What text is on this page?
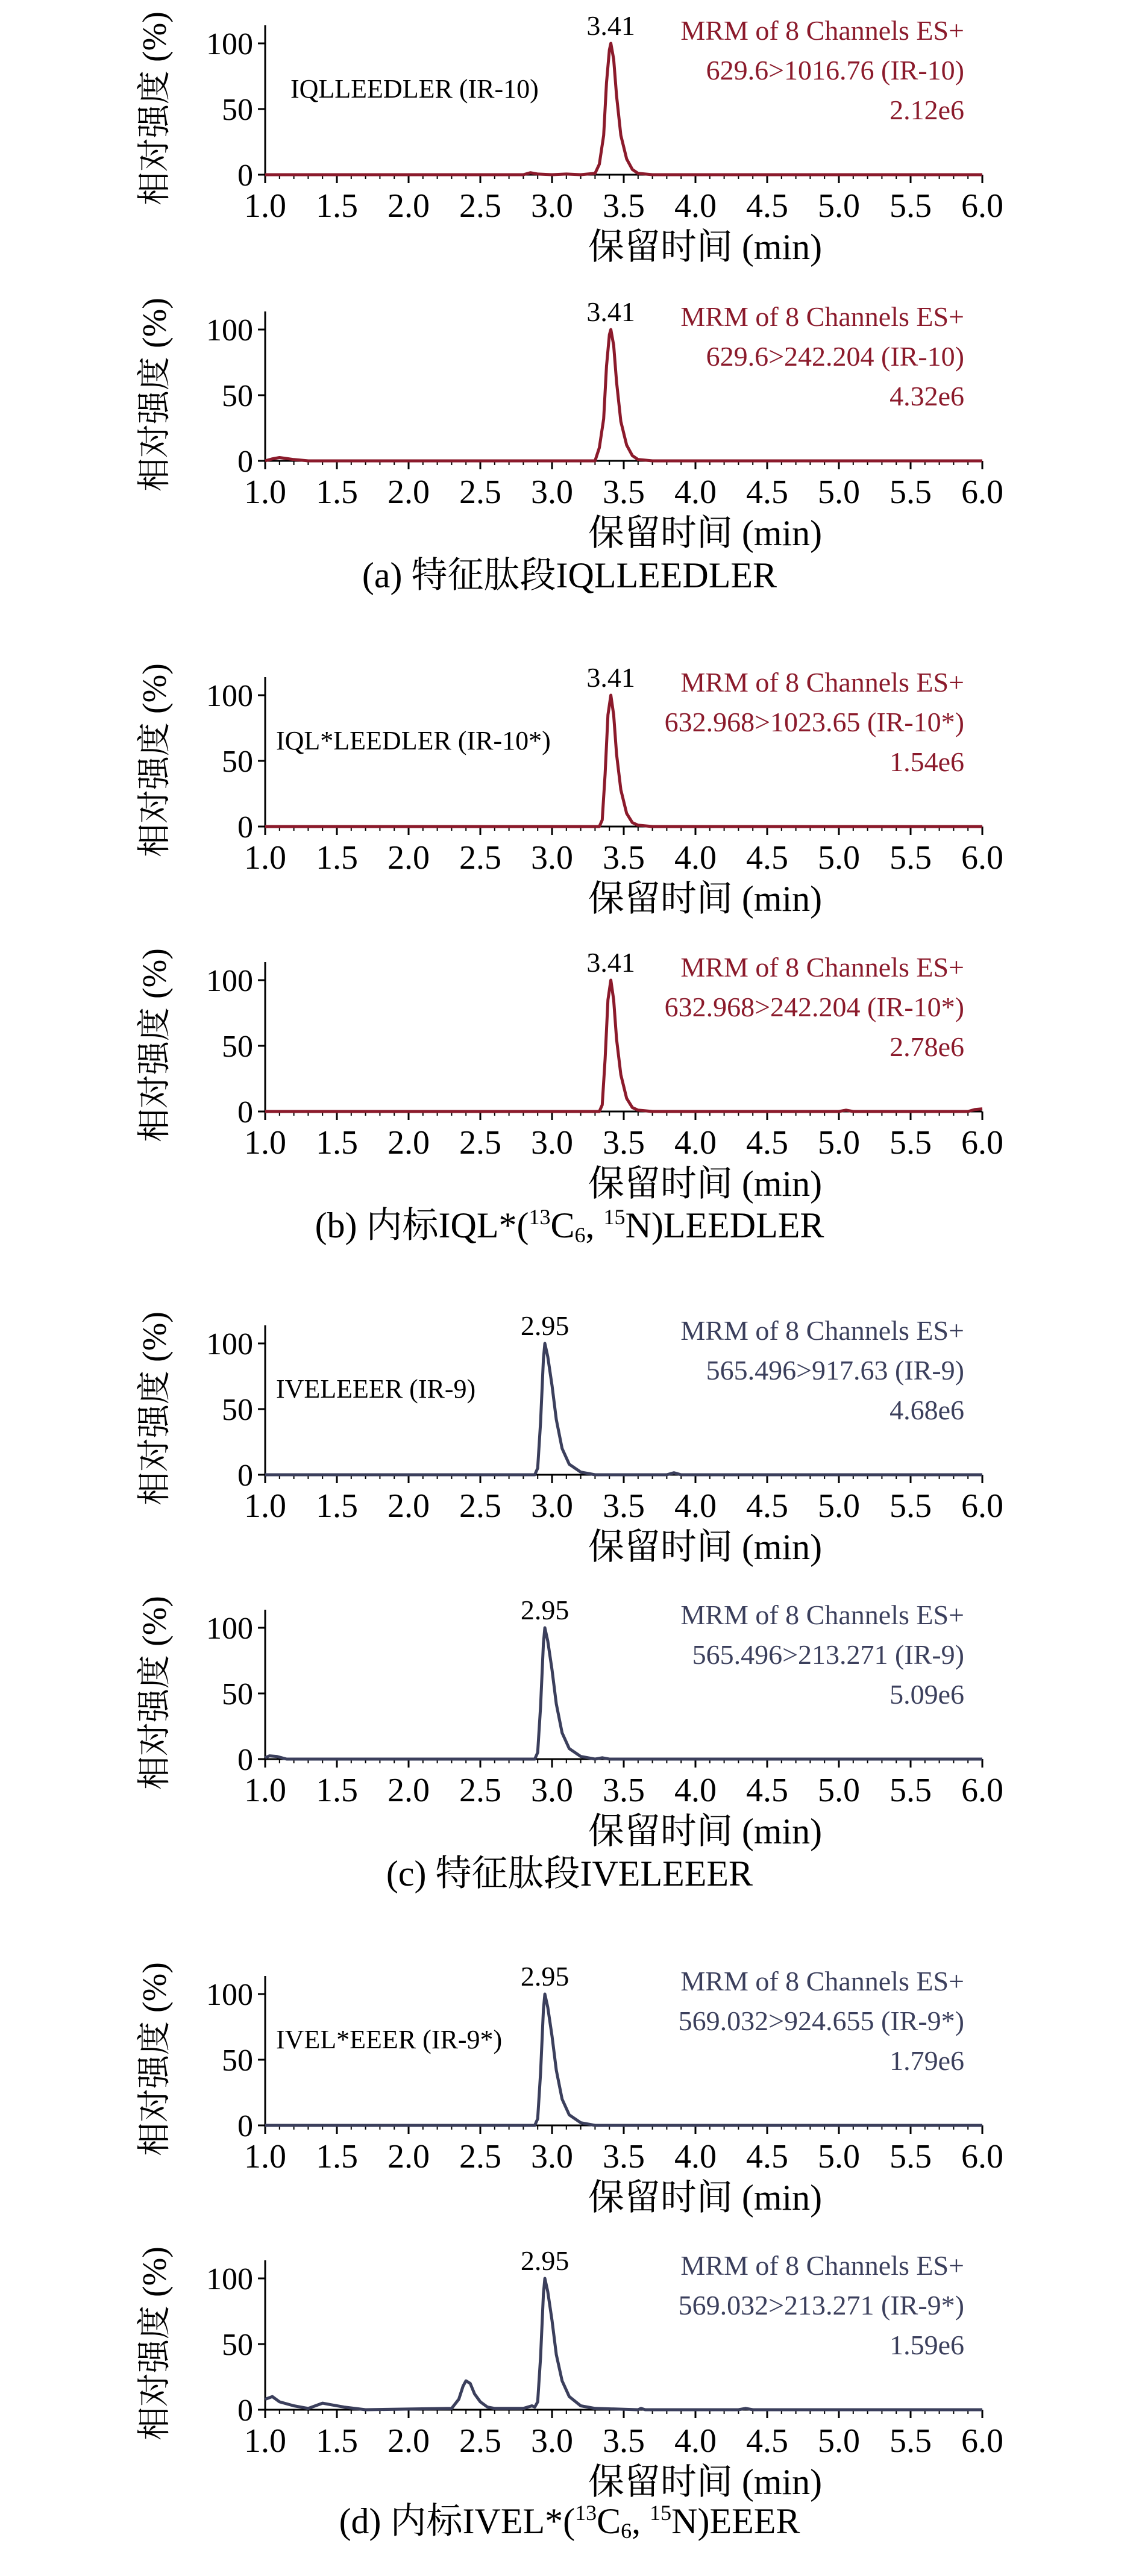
0
50
100
1.0 1.5 2.0 2.5 3.0 3.5 4.0 4.5 5.0 5.5 6.0
保留时间 (min)
相对强度 (%)	3.41
IQLLEEDLER (IR-10)
MRM of 8 Channels ES+
629.6>1016.76 (IR-10)
2.12e6
0
50
100
1.0 1.5 2.0 2.5 3.0 3.5 4.0 4.5 5.0 5.5 6.0
保留时间 (min)
相对强度 (%)	3.41 MRM of 8 Channels ES+
629.6>242.204 (IR-10)
4.32e6
0
50
100
1.0 1.5 2.0 2.5 3.0 3.5 4.0 4.5 5.0 5.5 6.0
保留时间 (min)
相对强度 (%)	3.41
IQL*LEEDLER (IR-10*)
MRM of 8 Channels ES+
632.968>1023.65 (IR-10*)
1.54e6
0
50
100
1.0 1.5 2.0 2.5 3.0 3.5 4.0 4.5 5.0 5.5 6.0
保留时间 (min)
相对强度 (%)	3.41 MRM of 8 Channels ES+
632.968>242.204 (IR-10*)
2.78e6
0
50
100
1.0 1.5 2.0 2.5 3.0 3.5 4.0 4.5 5.0 5.5 6.0
保留时间 (min)
相对强度 (%)	2.95
IVELEEER (IR-9)
MRM of 8 Channels ES+
565.496>917.63 (IR-9)
4.68e6
0
50
100
1.0 1.5 2.0 2.5 3.0 3.5 4.0 4.5 5.0 5.5 6.0
保留时间 (min)
相对强度 (%)	2.95	MRM of 8 Channels ES+
565.496>213.271 (IR-9)
5.09e6
0
50
100
1.0 1.5 2.0 2.5 3.0 3.5 4.0 4.5 5.0 5.5 6.0
保留时间 (min)
相对强度 (%)	2.95
IVEL*EEER (IR-9*)
MRM of 8 Channels ES+
569.032>924.655 (IR-9*)
1.79e6
0
50
100
1.0 1.5 2.0 2.5 3.0 3.5 4.0 4.5 5.0 5.5 6.0
保留时间 (min)
相对强度 (%)	2.95	MRM of 8 Channels ES+
569.032>213.271 (IR-9*)
1.59e6
(a) 特征肽段IQLLEEDLER
(b) 内标$IQL*(^{13}C_6$, $^{15}$N)LEEDLER
(c) 特征肽段IVELEEER
(d) 内标$IVEL*(^{13}C_6$, $^{15}$N)EEER
